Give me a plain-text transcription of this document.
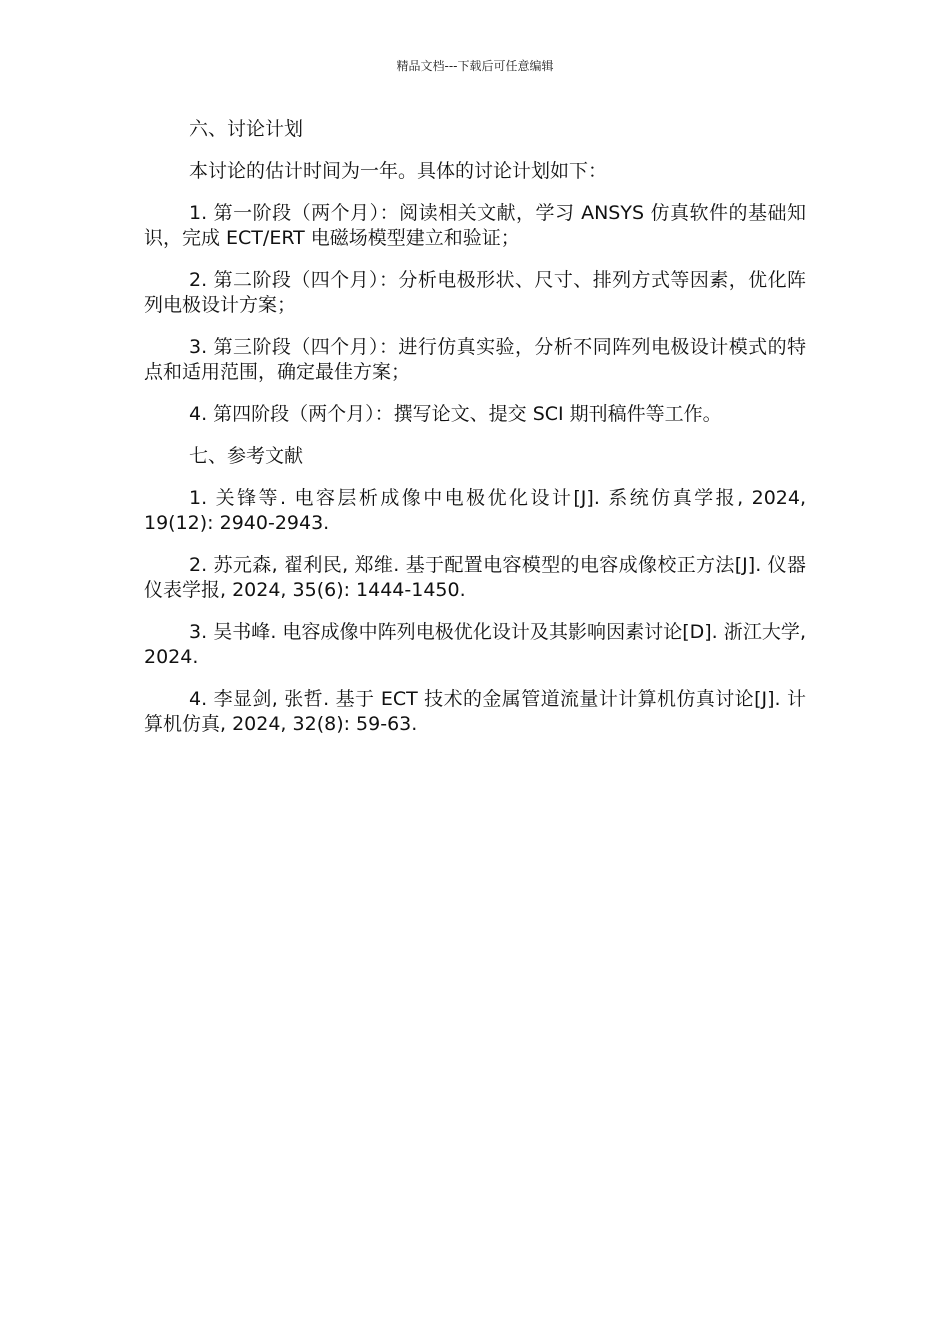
精品文档---下载后可任意编辑

六、讨论计划

本讨论的估计时间为一年。具体的讨论计划如下：

1. 第一阶段（两个月）：阅读相关文献，学习 ANSYS 仿真软件的基础知识，完成 ECT/ERT 电磁场模型建立和验证；

2. 第二阶段（四个月）：分析电极形状、尺寸、排列方式等因素，优化阵列电极设计方案；

3. 第三阶段（四个月）：进行仿真实验，分析不同阵列电极设计模式的特点和适用范围，确定最佳方案；

4. 第四阶段（两个月）：撰写论文、提交 SCI 期刊稿件等工作。

七、参考文献

1. 关锋等. 电容层析成像中电极优化设计[J]. 系统仿真学报, 2024, 19(12): 2940-2943.

2. 苏元森, 翟利民, 郑维. 基于配置电容模型的电容成像校正方法[J]. 仪器仪表学报, 2024, 35(6): 1444-1450.

3. 吴书峰. 电容成像中阵列电极优化设计及其影响因素讨论[D]. 浙江大学, 2024.

4. 李显剑, 张哲. 基于 ECT 技术的金属管道流量计计算机仿真讨论[J]. 计算机仿真, 2024, 32(8): 59-63.
